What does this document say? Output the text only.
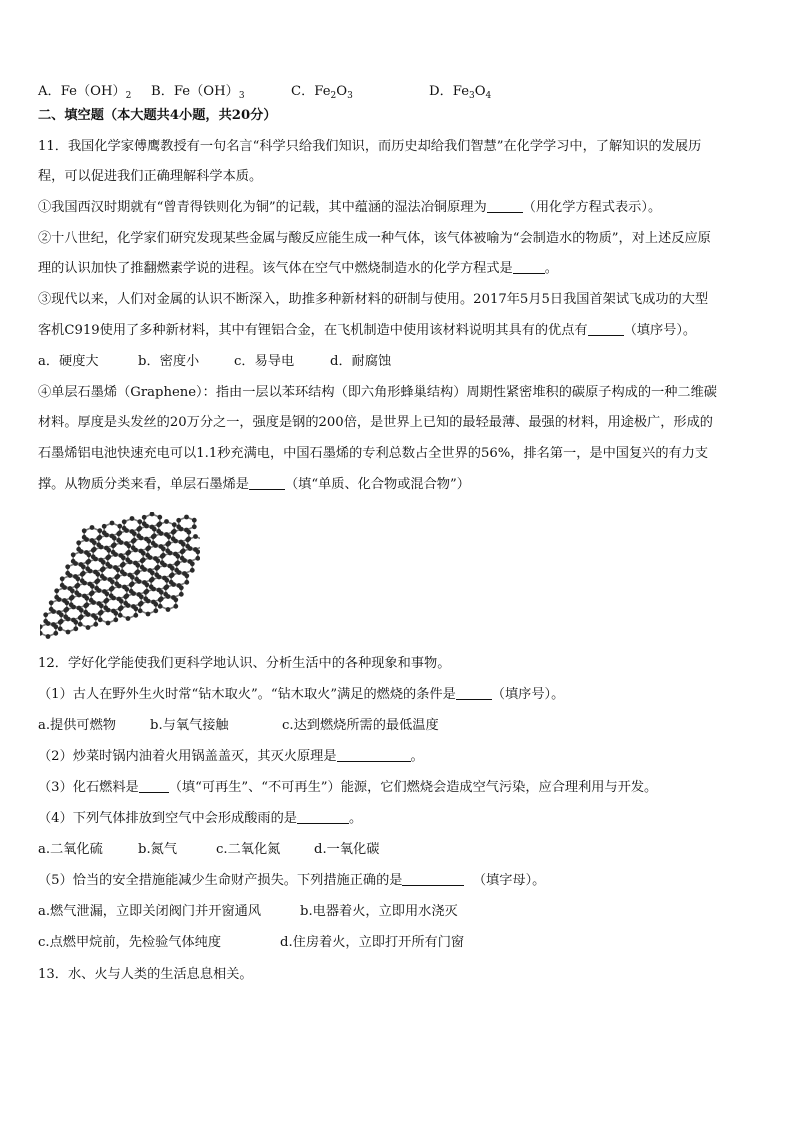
A．$Fe(OH)_2$ B．$Fe(OH)_3$	C．$Fe_2O_3$	D．$Fe_3O_4$
二、填空题（本大题共4小题，共20分）
11．我国化学家傅鹰教授有一句名言“科学只给我们知识，而历史却给我们智慧”在化学学习中，了解知识的发展历
程，可以促进我们正确理解科学本质。
①我国西汉时期就有“曾青得铁则化为铜”的记载，其中蕴涵的湿法冶铜原理为	（用化学方程式表示）。
②十八世纪，化学家们研究发现某些金属与酸反应能生成一种气体，该气体被喻为“会制造水的物质”，对上述反应原
理的认识加快了推翻燃素学说的进程。该气体在空气中燃烧制造水的化学方程式是 。
③现代以来，人们对金属的认识不断深入，助推多种新材料的研制与使用。2017年5月5日我国首架试飞成功的大型
客机C919使用了多种新材料，其中有锂铝合金，在飞机制造中使用该材料说明其具有的优点有	（填序号）。
a．硬度大	b．密度小	c．易导电	d．耐腐蚀
④单层石墨烯（Graphene）：指由一层以苯环结构（即六角形蜂巢结构）周期性紧密堆积的碳原子构成的一种二维碳
材料。厚度是头发丝的20万分之一，强度是钢的200倍，是世界上已知的最轻最薄、最强的材料，用途极广，形成的
石墨烯铝电池快速充电可以1.1秒充满电，中国石墨烯的专利总数占全世界的56%，排名第一，是中国复兴的有力支
撑。从物质分类来看，单层石墨烯是	（填“单质、化合物或混合物”）
12．学好化学能使我们更科学地认识、分析生活中的各种现象和事物。
（1）古人在野外生火时常“钻木取火”。“钻木取火”满足的燃烧的条件是	（填序号）。
a.提供可燃物	b.与氧气接触	c.达到燃烧所需的最低温度
（2）炒菜时锅内油着火用锅盖盖灭，其灭火原理是	。
（3）化石燃料是 （填“可再生”、“不可再生”）能源，它们燃烧会造成空气污染，应合理利用与开发。
（4）下列气体排放到空气中会形成酸雨的是	。
a.二氧化硫	b.氮气	c.二氧化氮	d.一氧化碳
（5）恰当的安全措施能减少生命财产损失。下列措施正确的是	（填字母）。
a.燃气泄漏，立即关闭阀门并开窗通风	b.电器着火，立即用水浇灭
c.点燃甲烷前，先检验气体纯度	d.住房着火，立即打开所有门窗
13．水、火与人类的生活息息相关。
